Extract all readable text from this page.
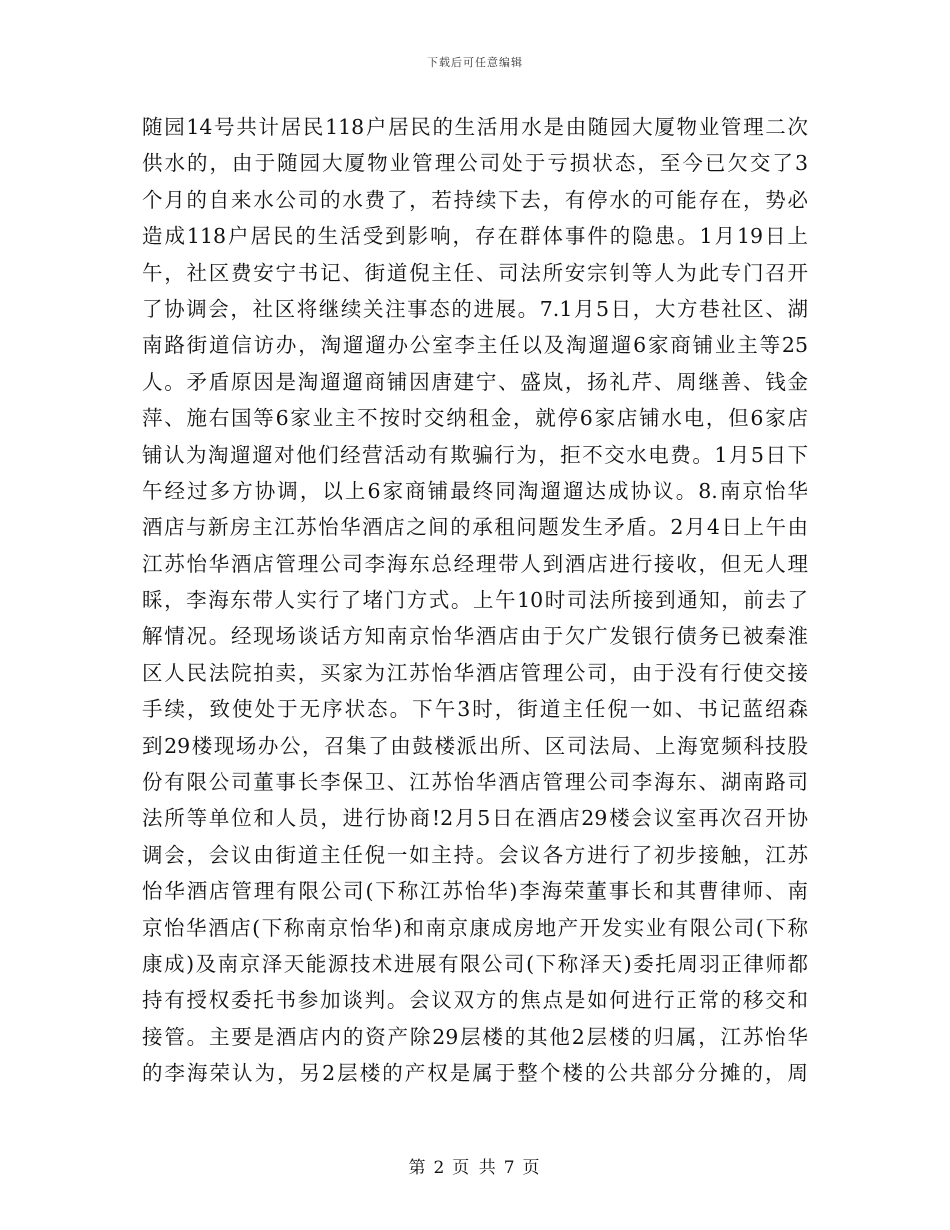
下载后可任意编辑
随园14号共计居民118户居民的生活用水是由随园大厦物业管理二次
供水的，由于随园大厦物业管理公司处于亏损状态，至今已欠交了3
个月的自来水公司的水费了，若持续下去，有停水的可能存在，势必
造成118户居民的生活受到影响，存在群体事件的隐患。1月19日上
午，社区费安宁书记、街道倪主任、司法所安宗钊等人为此专门召开
了协调会，社区将继续关注事态的进展。7.1月5日，大方巷社区、湖
南路街道信访办，淘遛遛办公室李主任以及淘遛遛6家商铺业主等25
人。矛盾原因是淘遛遛商铺因唐建宁、盛岚，扬礼芹、周继善、钱金
萍、施右国等6家业主不按时交纳租金，就停6家店铺水电，但6家店
铺认为淘遛遛对他们经营活动有欺骗行为，拒不交水电费。1月5日下
午经过多方协调，以上6家商铺最终同淘遛遛达成协议。8.南京怡华
酒店与新房主江苏怡华酒店之间的承租问题发生矛盾。2月4日上午由
江苏怡华酒店管理公司李海东总经理带人到酒店进行接收，但无人理
睬，李海东带人实行了堵门方式。上午10时司法所接到通知，前去了
解情况。经现场谈话方知南京怡华酒店由于欠广发银行债务已被秦淮
区人民法院拍卖，买家为江苏怡华酒店管理公司，由于没有行使交接
手续，致使处于无序状态。下午3时，街道主任倪一如、书记蓝绍森
到29楼现场办公，召集了由鼓楼派出所、区司法局、上海宽频科技股
份有限公司董事长李保卫、江苏怡华酒店管理公司李海东、湖南路司
法所等单位和人员，进行协商!2月5日在酒店29楼会议室再次召开协
调会，会议由街道主任倪一如主持。会议各方进行了初步接触，江苏
怡华酒店管理有限公司(下称江苏怡华)李海荣董事长和其曹律师、南
京怡华酒店(下称南京怡华)和南京康成房地产开发实业有限公司(下称
康成)及南京泽天能源技术进展有限公司(下称泽天)委托周羽正律师都
持有授权委托书参加谈判。会议双方的焦点是如何进行正常的移交和
接管。主要是酒店内的资产除29层楼的其他2层楼的归属，江苏怡华
的李海荣认为，另2层楼的产权是属于整个楼的公共部分分摊的，周
第 2 页 共 7 页
